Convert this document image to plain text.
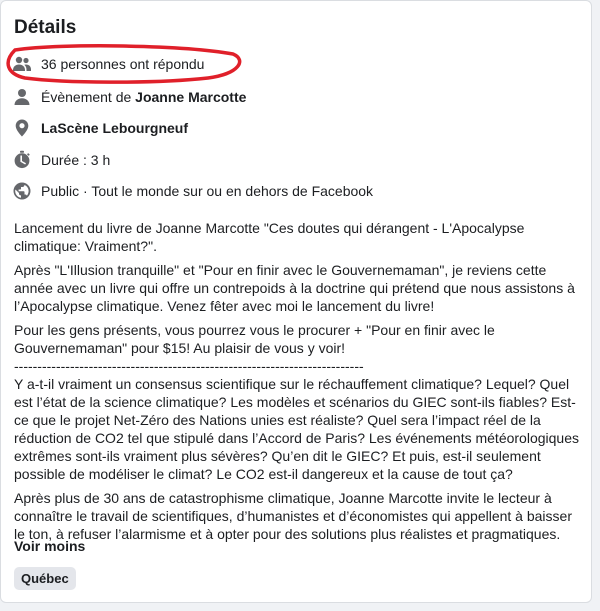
Détails
36 personnes ont répondu
Évènement de Joanne Marcotte
LaScène Lebourgneuf
Durée : 3 h
Public · Tout le monde sur ou en dehors de Facebook

Lancement du livre de Joanne Marcotte "Ces doutes qui dérangent - L'Apocalypse climatique: Vraiment?".

Après "L'Illusion tranquille" et "Pour en finir avec le Gouvernemaman", je reviens cette année avec un livre qui offre un contrepoids à la doctrine qui prétend que nous assistons à l’Apocalypse climatique. Venez fêter avec moi le lancement du livre!

Pour les gens présents, vous pourrez vous le procurer + "Pour en finir avec le Gouvernemaman" pour $15! Au plaisir de vous y voir!

---------------------------------------------------------------------------

Y a-t-il vraiment un consensus scientifique sur le réchauffement climatique? Lequel? Quel est l’état de la science climatique? Les modèles et scénarios du GIEC sont-ils fiables? Est-ce que le projet Net-Zéro des Nations unies est réaliste? Quel sera l’impact réel de la réduction de CO2 tel que stipulé dans l’Accord de Paris? Les événements météorologiques extrêmes sont-ils vraiment plus sévères? Qu’en dit le GIEC? Et puis, est-il seulement possible de modéliser le climat? Le CO2 est-il dangereux et la cause de tout ça?

Après plus de 30 ans de catastrophisme climatique, Joanne Marcotte invite le lecteur à connaître le travail de scientifiques, d’humanistes et d’économistes qui appellent à baisser le ton, à refuser l’alarmisme et à opter pour des solutions plus réalistes et pragmatiques.

Voir moins
Québec
